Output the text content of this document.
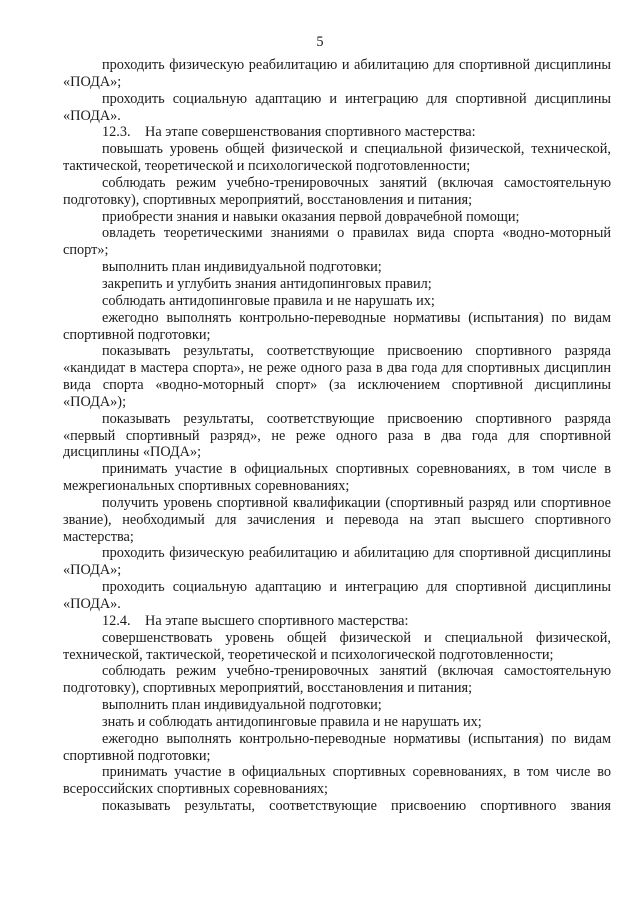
5

проходить физическую реабилитацию и абилитацию для спортивной дисциплины «ПОДА»;

проходить социальную адаптацию и интеграцию для спортивной дисциплины «ПОДА».

12.3. На этапе совершенствования спортивного мастерства:

повышать уровень общей физической и специальной физической, технической, тактической, теоретической и психологической подготовленности;

соблюдать режим учебно-тренировочных занятий (включая самостоятельную подготовку), спортивных мероприятий, восстановления и питания;

приобрести знания и навыки оказания первой доврачебной помощи;

овладеть теоретическими знаниями о правилах вида спорта «водно-моторный спорт»;

выполнить план индивидуальной подготовки;

закрепить и углубить знания антидопинговых правил;

соблюдать антидопинговые правила и не нарушать их;

ежегодно выполнять контрольно-переводные нормативы (испытания) по видам спортивной подготовки;

показывать результаты, соответствующие присвоению спортивного разряда «кандидат в мастера спорта», не реже одного раза в два года для спортивных дисциплин вида спорта «водно-моторный спорт» (за исключением спортивной дисциплины «ПОДА»);

показывать результаты, соответствующие присвоению спортивного разряда «первый спортивный разряд», не реже одного раза в два года для спортивной дисциплины «ПОДА»;

принимать участие в официальных спортивных соревнованиях, в том числе в межрегиональных спортивных соревнованиях;

получить уровень спортивной квалификации (спортивный разряд или спортивное звание), необходимый для зачисления и перевода на этап высшего спортивного мастерства;

проходить физическую реабилитацию и абилитацию для спортивной дисциплины «ПОДА»;

проходить социальную адаптацию и интеграцию для спортивной дисциплины «ПОДА».

12.4. На этапе высшего спортивного мастерства:

совершенствовать уровень общей физической и специальной физической, технической, тактической, теоретической и психологической подготовленности;

соблюдать режим учебно-тренировочных занятий (включая самостоятельную подготовку), спортивных мероприятий, восстановления и питания;

выполнить план индивидуальной подготовки;

знать и соблюдать антидопинговые правила и не нарушать их;

ежегодно выполнять контрольно-переводные нормативы (испытания) по видам спортивной подготовки;

принимать участие в официальных спортивных соревнованиях, в том числе во всероссийских спортивных соревнованиях;

показывать результаты, соответствующие присвоению спортивного звания
